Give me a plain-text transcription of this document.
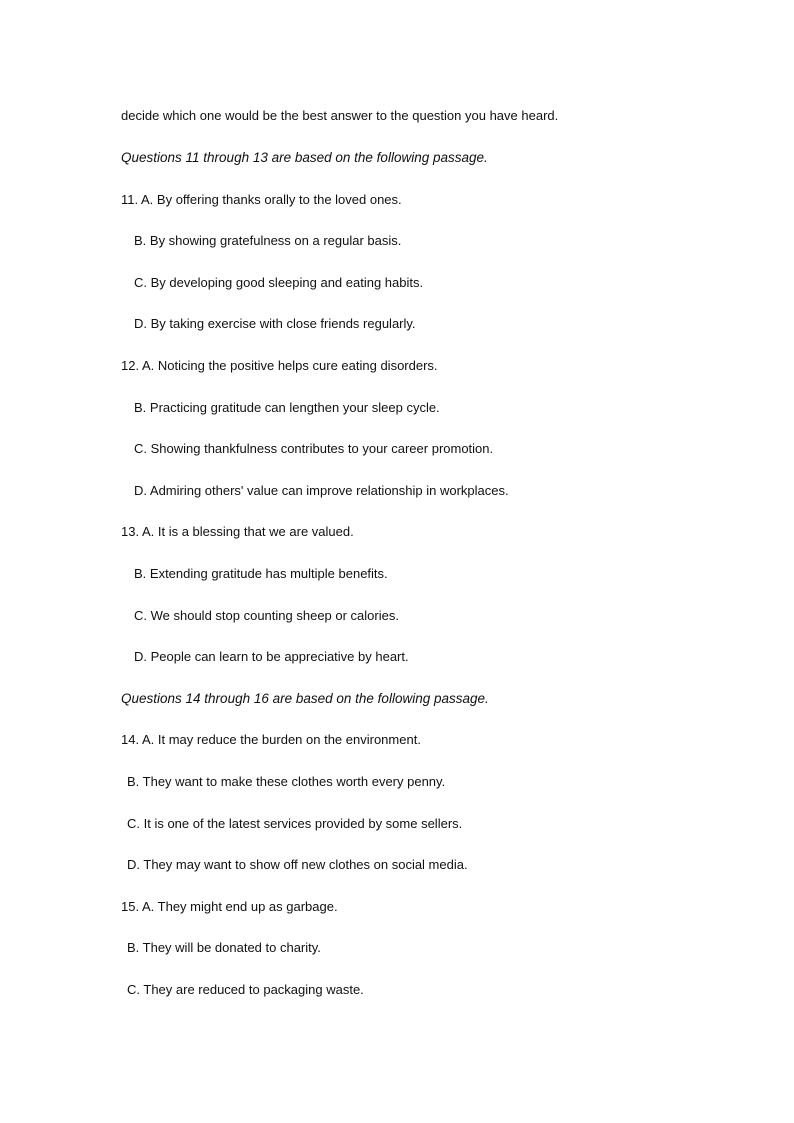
decide which one would be the best answer to the question you have heard.
Questions 11 through 13 are based on the following passage.
11. A. By offering thanks orally to the loved ones.
B. By showing gratefulness on a regular basis.
C. By developing good sleeping and eating habits.
D. By taking exercise with close friends regularly.
12. A. Noticing the positive helps cure eating disorders.
B. Practicing gratitude can lengthen your sleep cycle.
C. Showing thankfulness contributes to your career promotion.
D. Admiring others' value can improve relationship in workplaces.
13. A. It is a blessing that we are valued.
B. Extending gratitude has multiple benefits.
C. We should stop counting sheep or calories.
D. People can learn to be appreciative by heart.
Questions 14 through 16 are based on the following passage.
14. A. It may reduce the burden on the environment.
B. They want to make these clothes worth every penny.
C. It is one of the latest services provided by some sellers.
D. They may want to show off new clothes on social media.
15. A. They might end up as garbage.
B. They will be donated to charity.
C. They are reduced to packaging waste.
